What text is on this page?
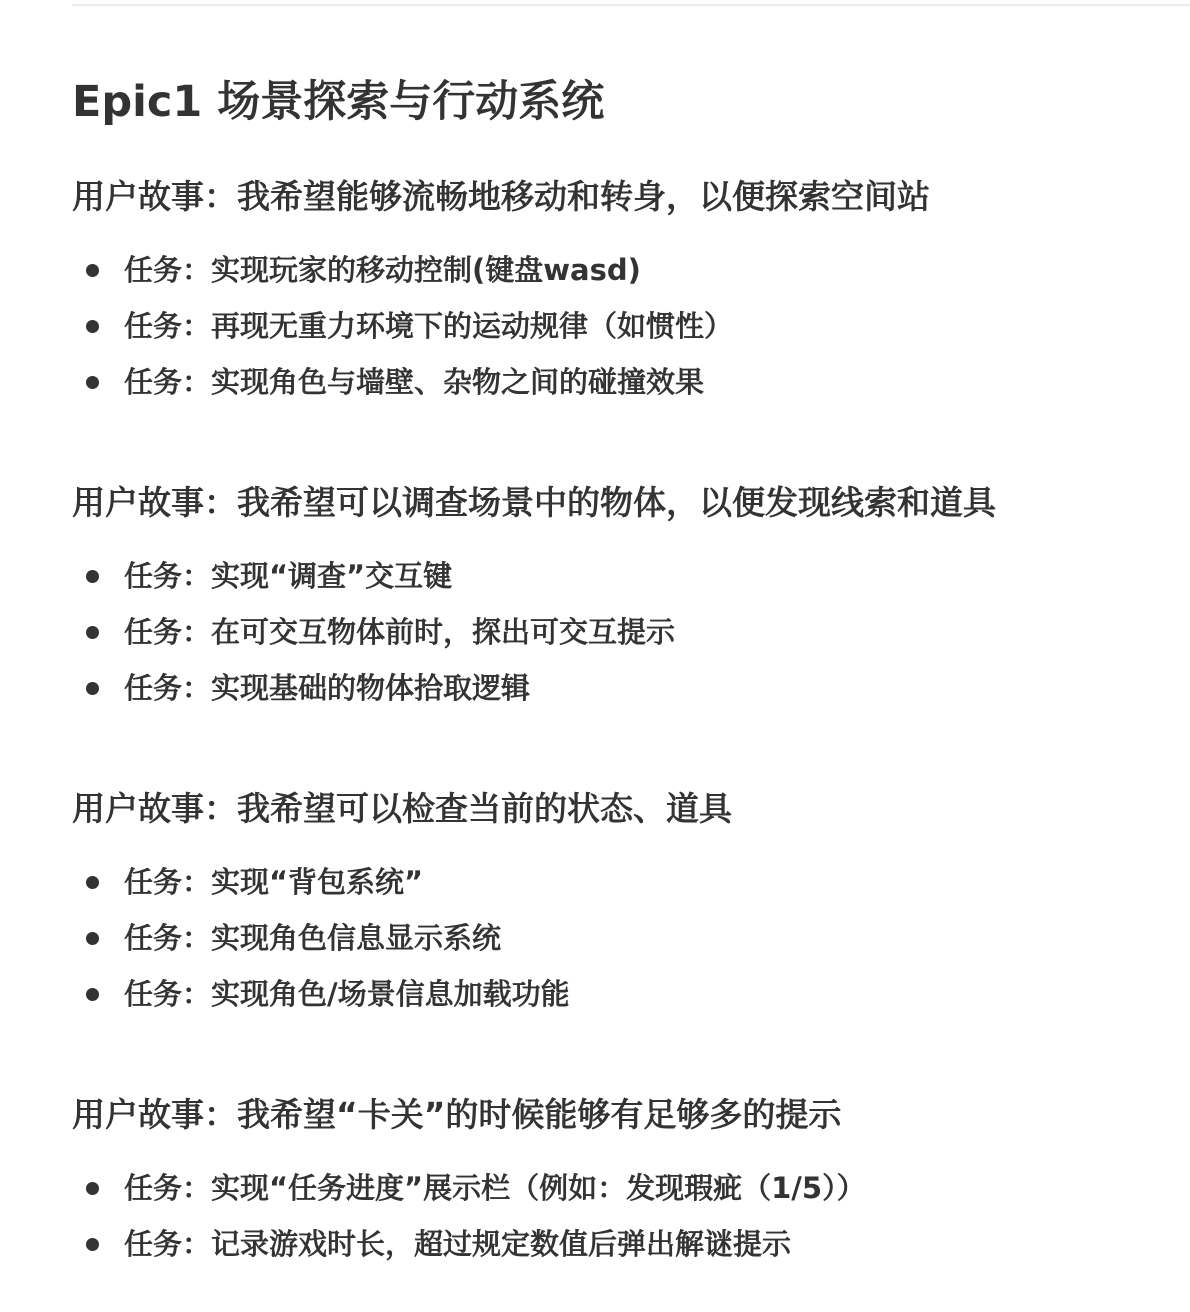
Epic1 场景探索与行动系统
用户故事：我希望能够流畅地移动和转身，以便探索空间站
任务：实现玩家的移动控制(键盘wasd)
任务：再现无重力环境下的运动规律（如惯性）
任务：实现角色与墙壁、杂物之间的碰撞效果
用户故事：我希望可以调查场景中的物体，以便发现线索和道具
任务：实现“调查”交互键
任务：在可交互物体前时，探出可交互提示
任务：实现基础的物体拾取逻辑
用户故事：我希望可以检查当前的状态、道具
任务：实现“背包系统”
任务：实现角色信息显示系统
任务：实现角色/场景信息加载功能
用户故事：我希望“卡关”的时候能够有足够多的提示
任务：实现“任务进度”展示栏（例如：发现瑕疵（1/5））
任务：记录游戏时长，超过规定数值后弹出解谜提示
